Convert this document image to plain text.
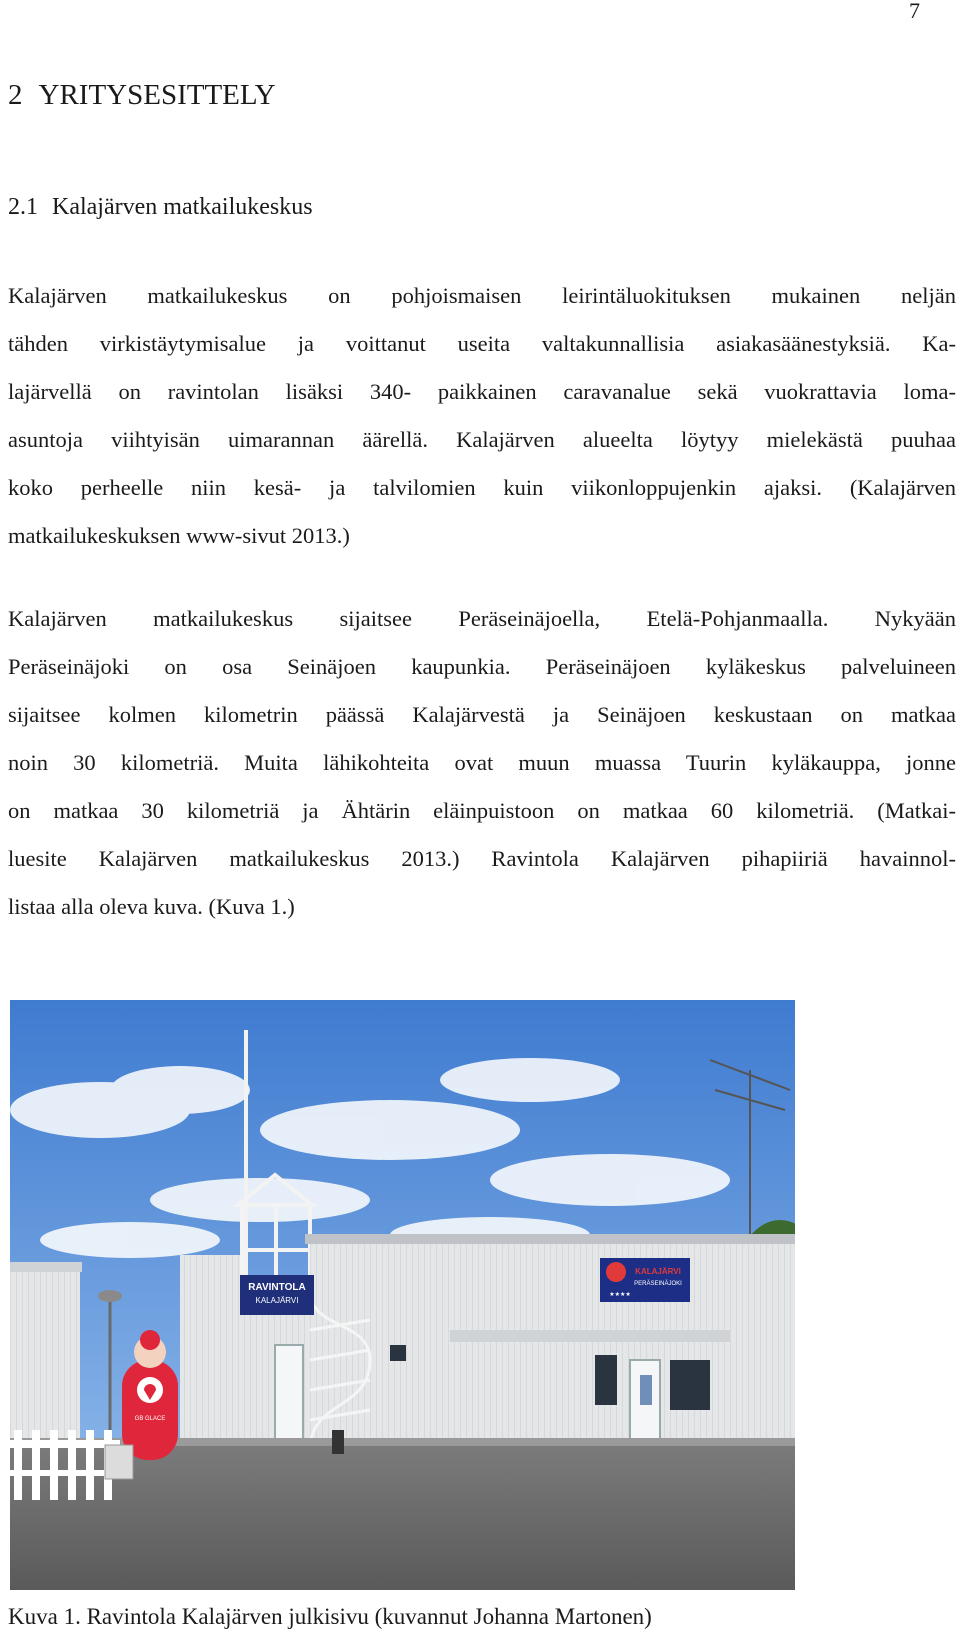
7
2 YRITYSESITTELY
2.1 Kalajärven matkailukeskus
Kalajärven matkailukeskus on pohjoismaisen leirintäluokituksen mukainen neljän
tähden virkistäytymisalue ja voittanut useita valtakunnallisia asiakasäänestyksiä. Ka-
lajärvellä on ravintolan lisäksi 340- paikkainen caravanalue sekä vuokrattavia loma-
asuntoja viihtyisän uimarannan äärellä. Kalajärven alueelta löytyy mielekästä puuhaa
koko perheelle niin kesä- ja talvilomien kuin viikonloppujenkin ajaksi. (Kalajärven
matkailukeskuksen www-sivut 2013.)
Kalajärven matkailukeskus sijaitsee Peräseinäjoella, Etelä-Pohjanmaalla. Nykyään
Peräseinäjoki on osa Seinäjoen kaupunkia. Peräseinäjoen kyläkeskus palveluineen
sijaitsee kolmen kilometrin päässä Kalajärvestä ja Seinäjoen keskustaan on matkaa
noin 30 kilometriä. Muita lähikohteita ovat muun muassa Tuurin kyläkauppa, jonne
on matkaa 30 kilometriä ja Ähtärin eläinpuistoon on matkaa 60 kilometriä. (Matkai-
luesite Kalajärven matkailukeskus 2013.) Ravintola Kalajärven pihapiiriä havainnol-
listaa alla oleva kuva. (Kuva 1.)
RAVINTOLA
KALAJÄRVI
KALAJÄRVI
PERÄSEINÄJOKI
★★★★
GB GLACE
Kuva 1. Ravintola Kalajärven julkisivu (kuvannut Johanna Martonen)
